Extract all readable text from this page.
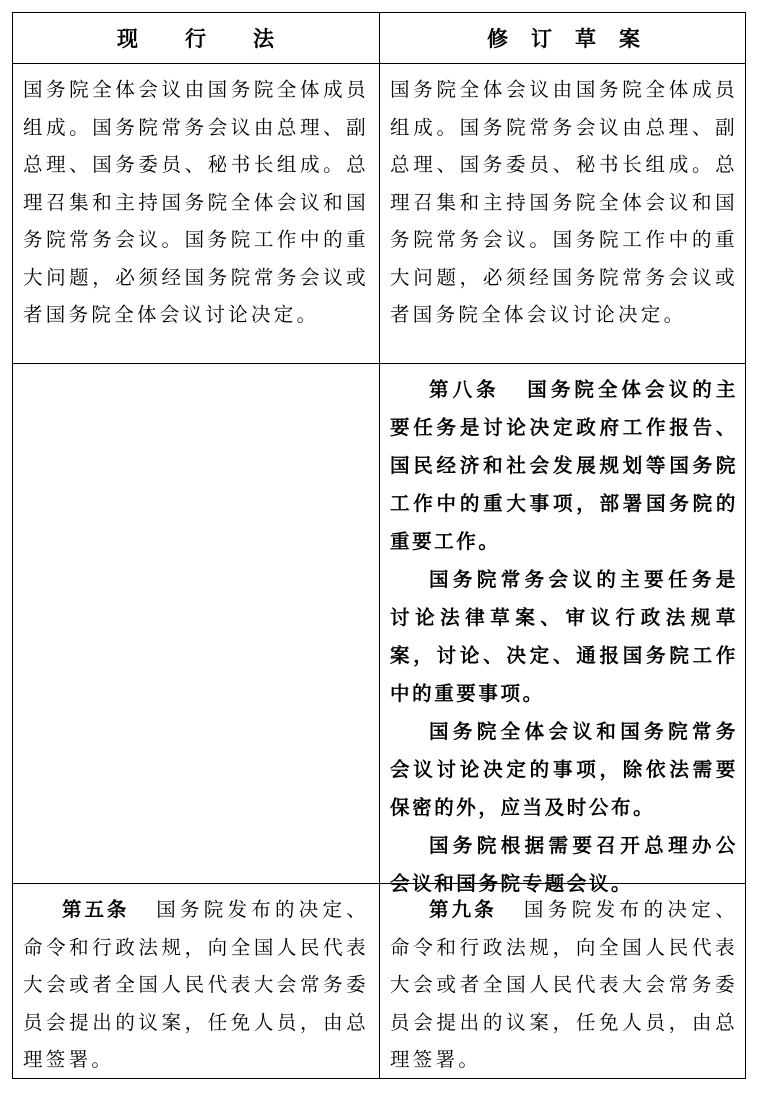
现 行 法	修 订 草 案

国务院全体会议由国务院全体成员组成。国务院常务会议由总理、副总理、国务委员、秘书长组成。总理召集和主持国务院全体会议和国务院常务会议。国务院工作中的重大问题，必须经国务院常务会议或者国务院全体会议讨论决定。

国务院全体会议由国务院全体成员组成。国务院常务会议由总理、副总理、国务委员、秘书长组成。总理召集和主持国务院全体会议和国务院常务会议。国务院工作中的重大问题，必须经国务院常务会议或者国务院全体会议讨论决定。

第八条 国务院全体会议的主要任务是讨论决定政府工作报告、国民经济和社会发展规划等国务院工作中的重大事项，部署国务院的重要工作。

国务院常务会议的主要任务是讨论法律草案、审议行政法规草案，讨论、决定、通报国务院工作中的重要事项。

国务院全体会议和国务院常务会议讨论决定的事项，除依法需要保密的外，应当及时公布。

国务院根据需要召开总理办公会议和国务院专题会议。

第五条 国务院发布的决定、命令和行政法规，向全国人民代表大会或者全国人民代表大会常务委员会提出的议案，任免人员，由总理签署。

第九条 国务院发布的决定、命令和行政法规，向全国人民代表大会或者全国人民代表大会常务委员会提出的议案，任免人员，由总理签署。
